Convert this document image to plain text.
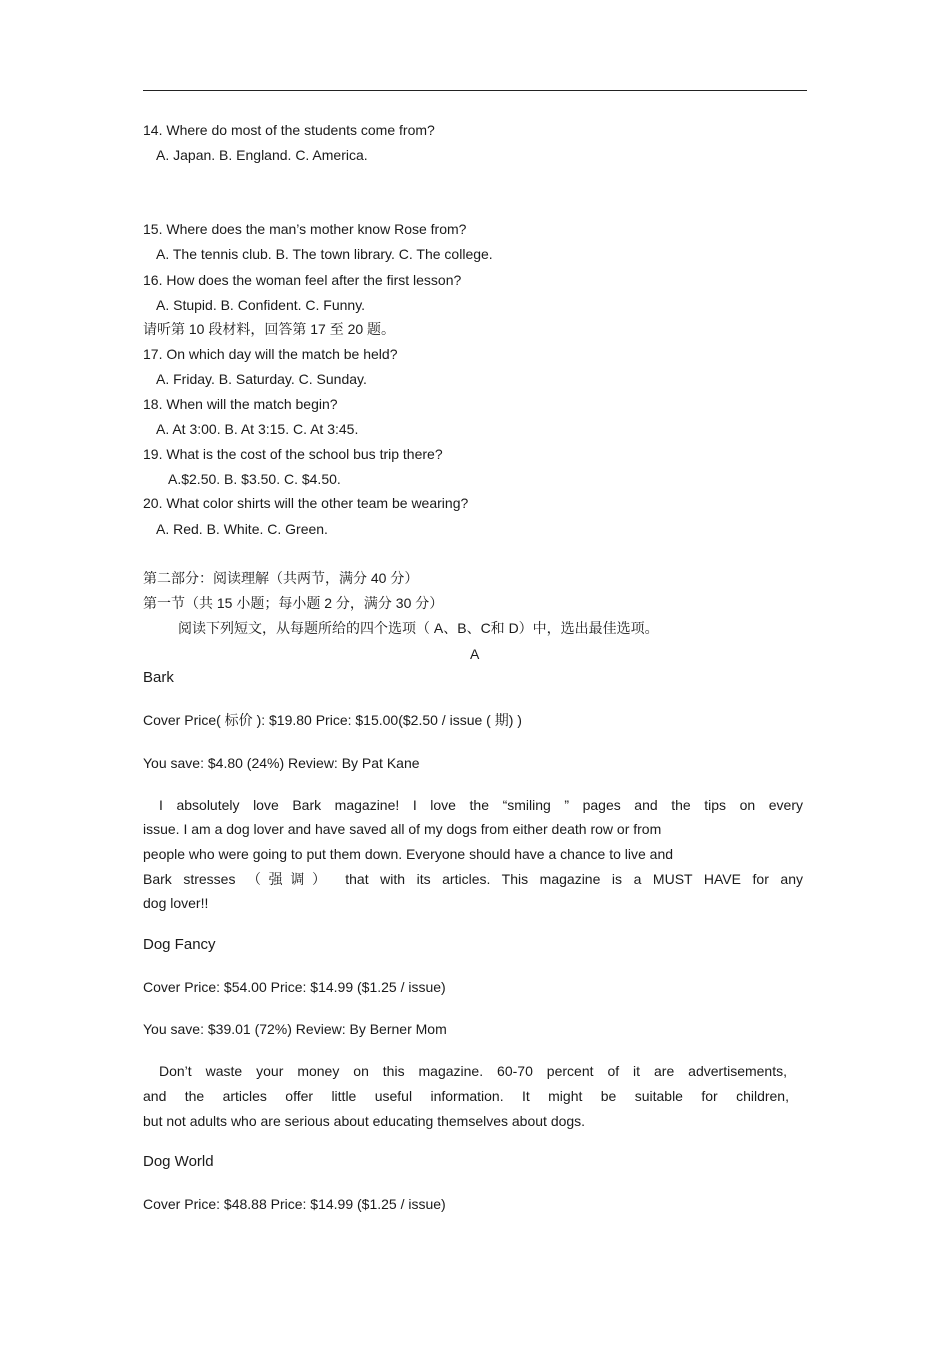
14. Where do most of the students come from?
A. Japan. B. England. C. America.
15. Where does the man’s mother know Rose from?
A. The tennis club. B. The town library. C. The college.
16. How does the woman feel after the first lesson?
A. Stupid. B. Confident. C. Funny.
请听第 10 段材料，回答第 17 至 20 题。
17. On which day will the match be held?
A. Friday. B. Saturday. C. Sunday.
18. When will the match begin?
A. At 3:00. B. At 3:15. C. At 3:45.
19. What is the cost of the school bus trip there?
A.$2.50. B. $3.50. C. $4.50.
20. What color shirts will the other team be wearing?
A. Red. B. White. C. Green.
第二部分：阅读理解（共两节，满分 40 分）
第一节（共 15 小题；每小题 2 分，满分 30 分）
阅读下列短文，从每题所给的四个选项（ A、B、C和 D）中，选出最佳选项。
A
Bark
Cover Price( 标价 ): $19.80 Price: $15.00($2.50 / issue ( 期) )
You save: $4.80 (24%) Review: By Pat Kane
I absolutely love Bark magazine! I love the “smiling ” pages and the tips on every
issue. I am a dog lover and have saved all of my dogs from either death row or from
people who were going to put them down. Everyone should have a chance to live and
Bark stresses （强调） that with its articles. This magazine is a MUST HAVE for any
dog lover!!
Dog Fancy
Cover Price: $54.00 Price: $14.99 ($1.25 / issue)
You save: $39.01 (72%) Review: By Berner Mom
Don’t waste your money on this magazine. 60-70 percent of it are advertisements,
and the articles offer little useful information. It might be suitable for children,
but not adults who are serious about educating themselves about dogs.
Dog World
Cover Price: $48.88 Price: $14.99 ($1.25 / issue)
